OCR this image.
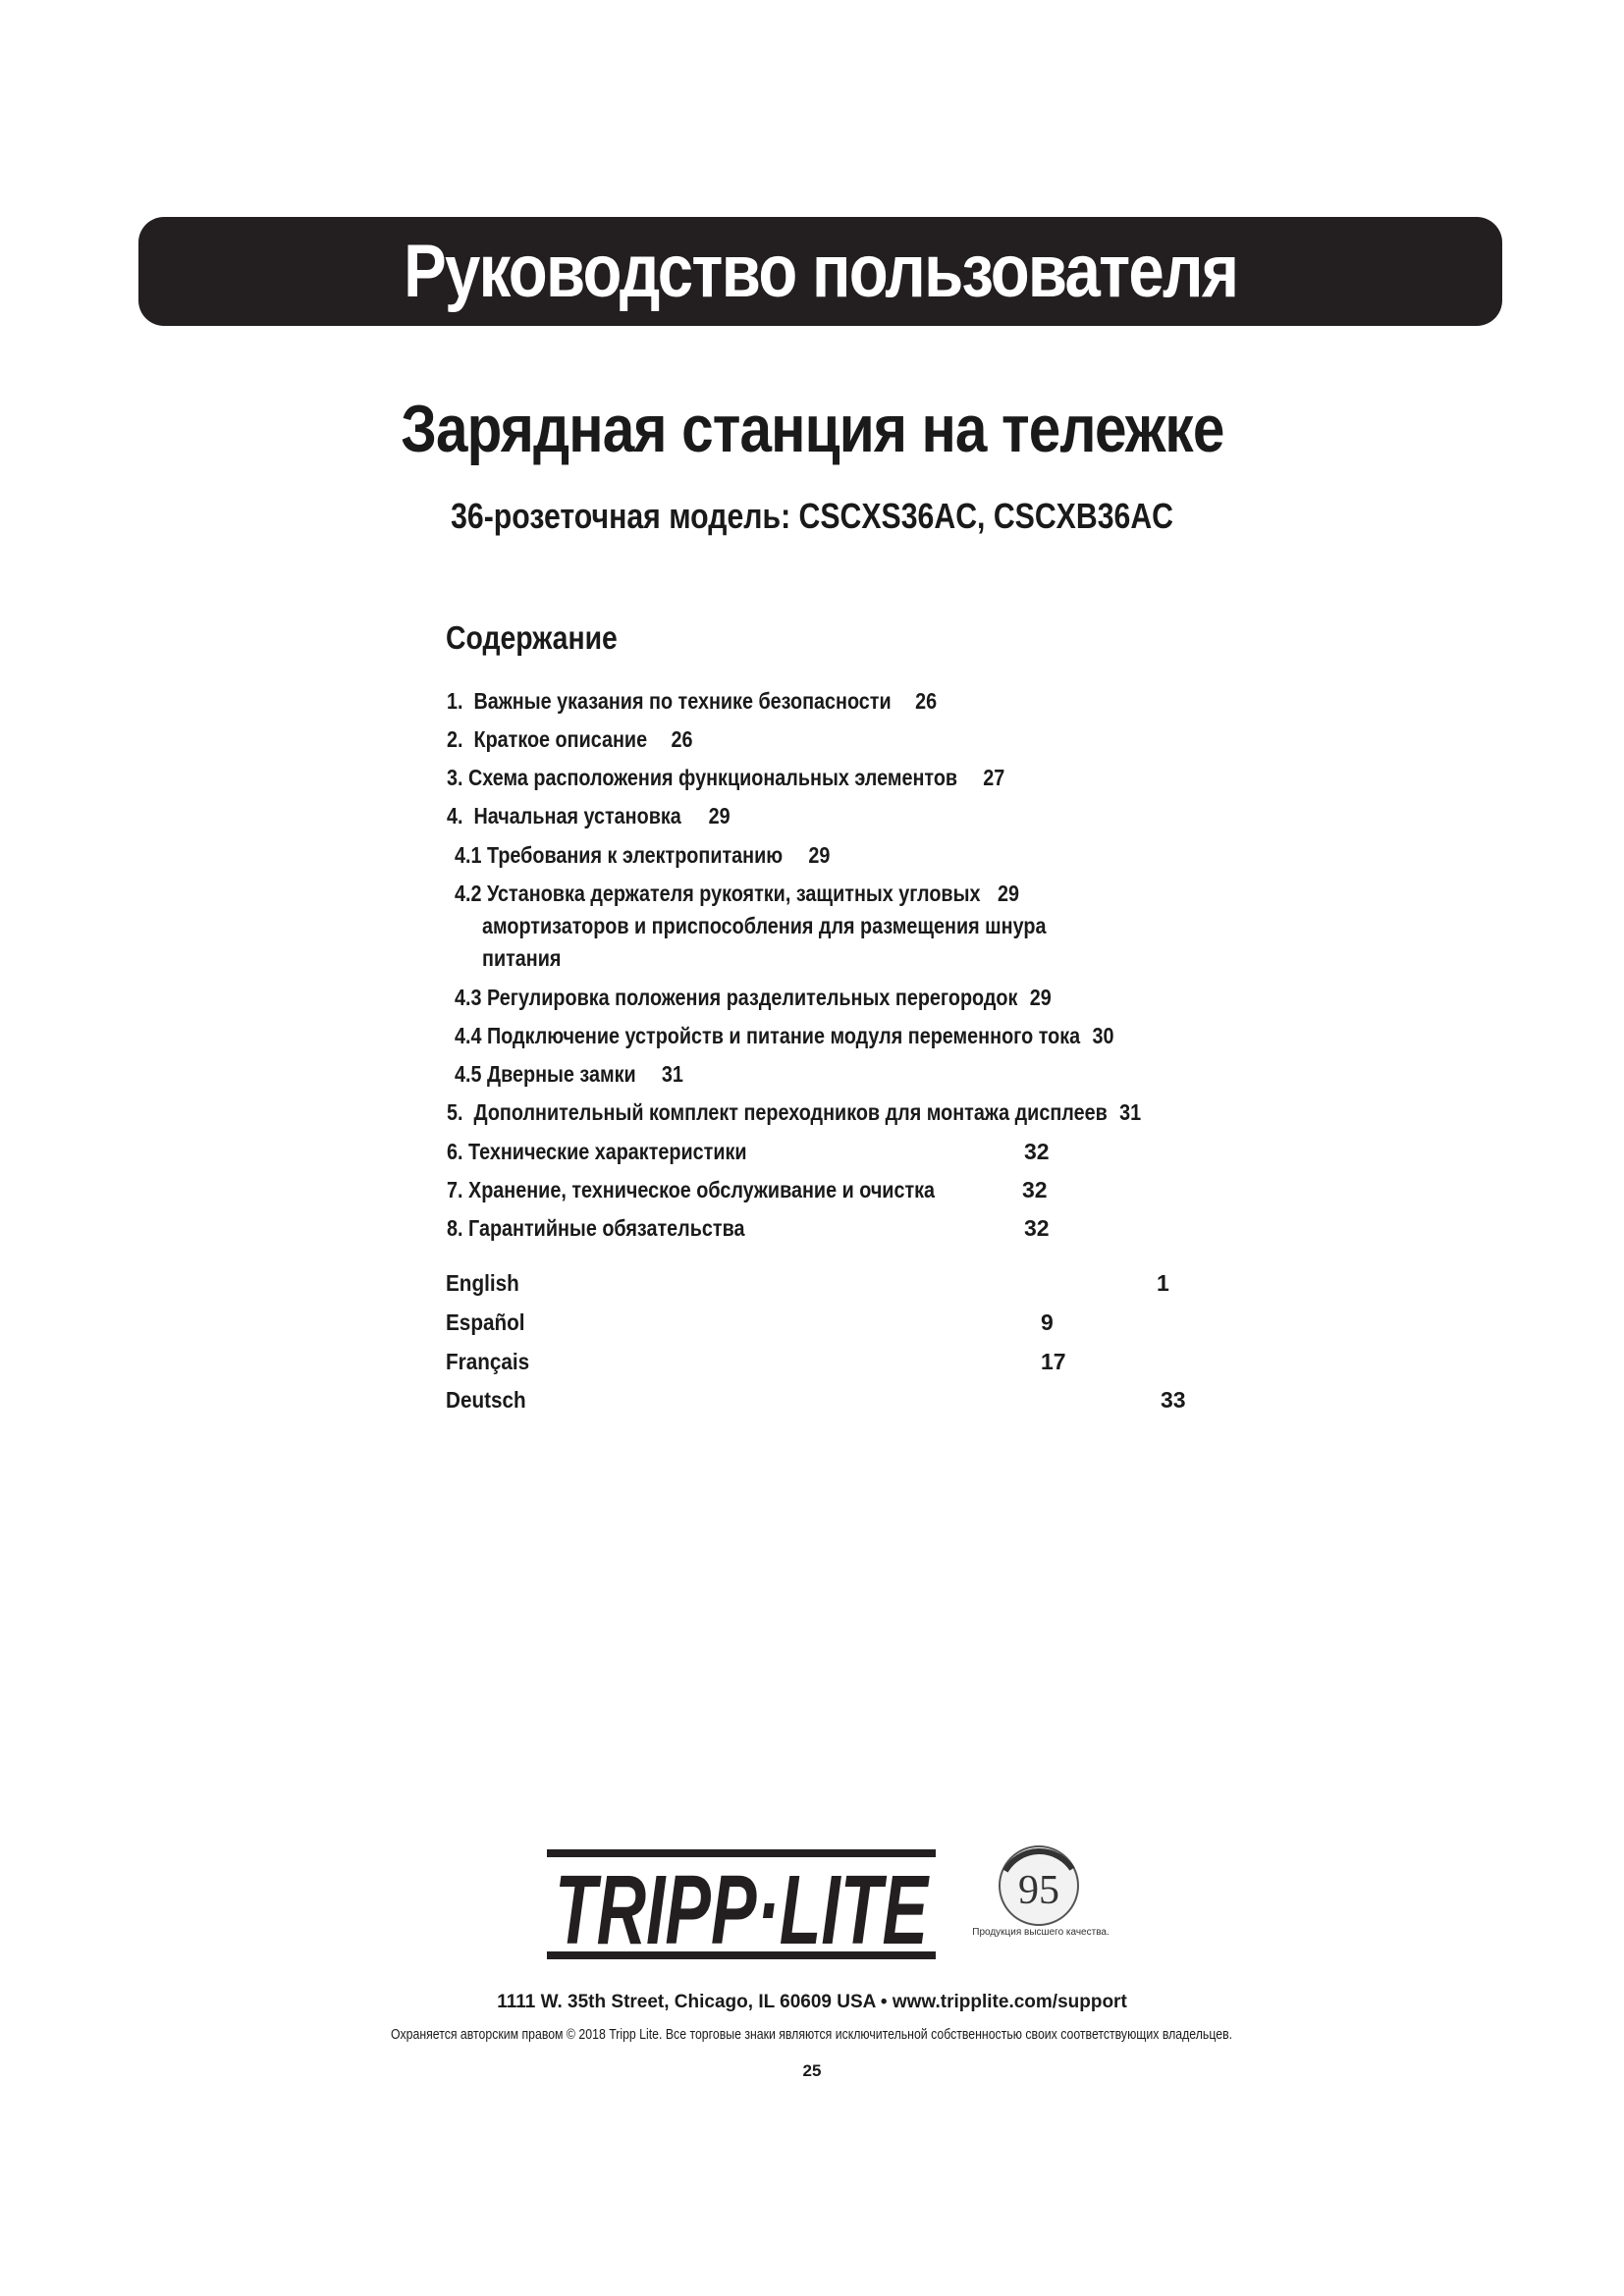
Руководство пользователя
Зарядная станция на тележке
36-розеточная модель: CSCXS36AC, CSCXB36AC
Содержание
1. Важные указания по технике безопасности 26
2. Краткое описание 26
3. Схема расположения функциональных элементов 27
4. Начальная установка 29
4.1 Требования к электропитанию 29
4.2 Установка держателя рукоятки, защитных угловых 29
амортизаторов и приспособления для размещения шнура
питания
4.3 Регулировка положения разделительных перегородок 29
4.4 Подключение устройств и питание модуля переменного тока 30
4.5 Дверные замки 31
5. Дополнительный комплект переходников для монтажа дисплеев 31
6. Технические характеристики	32
7. Хранение, техническое обслуживание и очистка	32
8. Гарантийные обязательства	32
English	1
Español	9
Français	17
Deutsch	33
TRIPP·LITE 95
Продукция высшего качества.
1111 W. 35th Street, Chicago, IL 60609 USA • www.tripplite.com/support
Охраняется авторским правом © 2018 Tripp Lite. Все торговые знаки являются исключительной собственностью своих соответствующих владельцев.
25
